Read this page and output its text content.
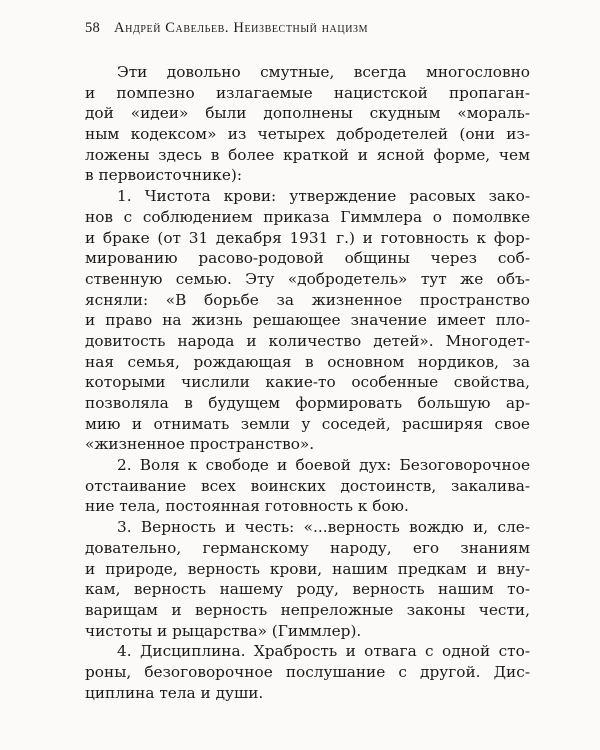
58 Андрей Савельев. Неизвестный нацизм
Эти довольно смутные, всегда многословно
и помпезно излагаемые нацистской пропаган-
дой «идеи» были дополнены скудным «мораль-
ным кодексом» из четырех добродетелей (они из-
ложены здесь в более краткой и ясной форме, чем
в первоисточнике):
1. Чистота крови: утверждение расовых зако-
нов с соблюдением приказа Гиммлера о помолвке
и браке (от 31 декабря 1931 г.) и готовность к фор-
мированию расово-родовой общины через соб-
ственную семью. Эту «добродетель» тут же объ-
ясняли: «В борьбе за жизненное пространство
и право на жизнь решающее значение имеет пло-
довитость народа и количество детей». Многодет-
ная семья, рождающая в основном нордиков, за
которыми числили какие-то особенные свойства,
позволяла в будущем формировать большую ар-
мию и отнимать земли у соседей, расширяя свое
«жизненное пространство».
2. Воля к свободе и боевой дух: Безоговорочное
отстаивание всех воинских достоинств, закалива-
ние тела, постоянная готовность к бою.
3. Верность и честь: «...верность вождю и, сле-
довательно, германскому народу, его знаниям
и природе, верность крови, нашим предкам и вну-
кам, верность нашему роду, верность нашим то-
варищам и верность непреложные законы чести,
чистоты и рыцарства» (Гиммлер).
4. Дисциплина. Храбрость и отвага с одной сто-
роны, безоговорочное послушание с другой. Дис-
циплина тела и души.
